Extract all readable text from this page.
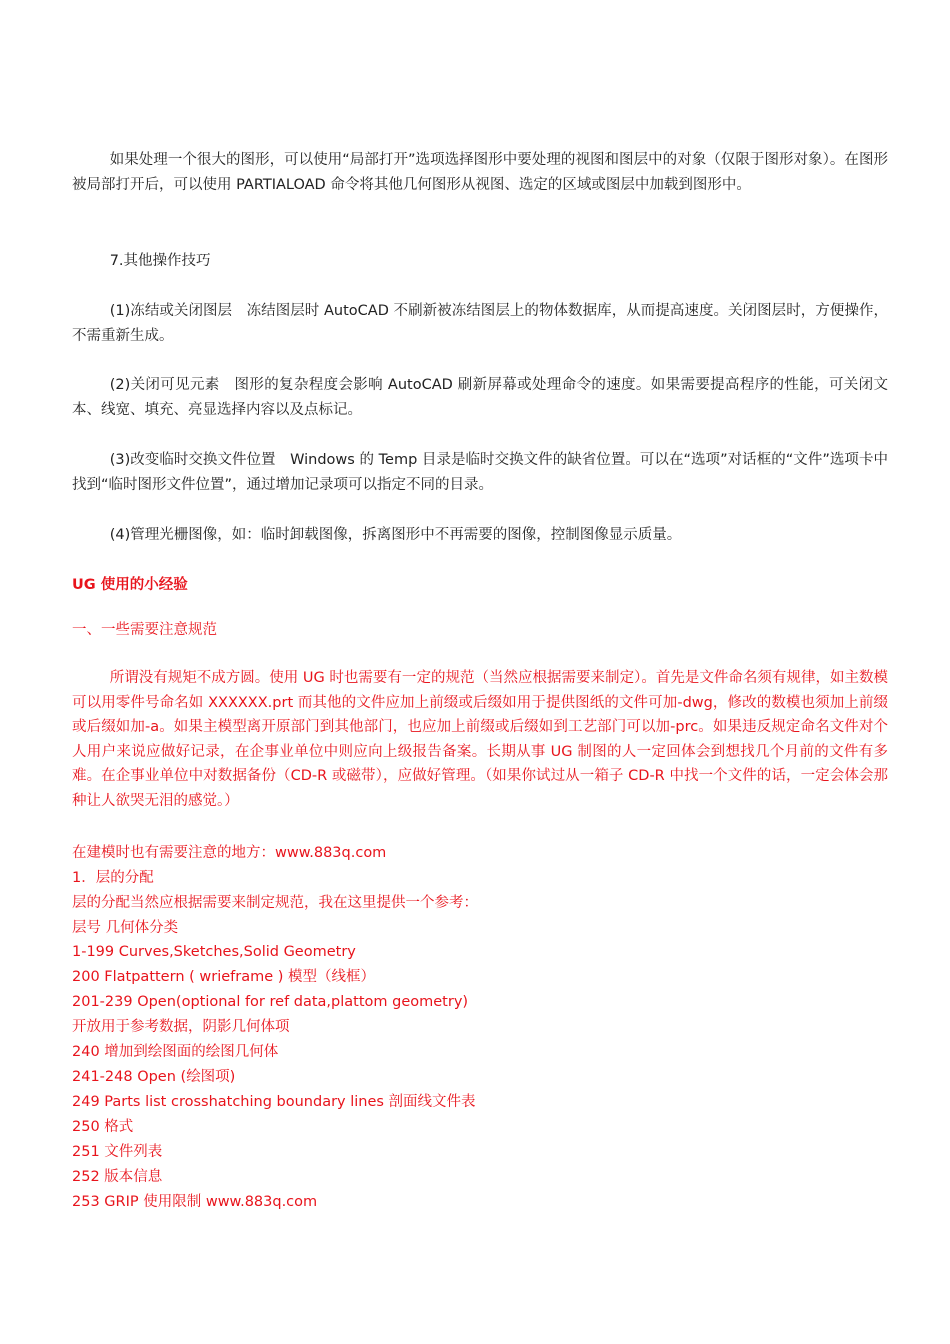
如果处理一个很大的图形，可以使用“局部打开”选项选择图形中要处理的视图和图层中的对象（仅限于图形对象）。在图形被局部打开后，可以使用 PARTIALOAD 命令将其他几何图形从视图、选定的区域或图层中加载到图形中。

7.其他操作技巧

(1)冻结或关闭图层　冻结图层时 AutoCAD 不刷新被冻结图层上的物体数据库，从而提高速度。关闭图层时，方便操作，不需重新生成。

(2)关闭可见元素　图形的复杂程度会影响 AutoCAD 刷新屏幕或处理命令的速度。如果需要提高程序的性能，可关闭文本、线宽、填充、亮显选择内容以及点标记。

(3)改变临时交换文件位置　Windows 的 Temp 目录是临时交换文件的缺省位置。可以在“选项”对话框的“文件”选项卡中找到“临时图形文件位置”，通过增加记录项可以指定不同的目录。

(4)管理光栅图像，如：临时卸载图像，拆离图形中不再需要的图像，控制图像显示质量。

UG 使用的小经验

一、一些需要注意规范

所谓没有规矩不成方圆。使用 UG 时也需要有一定的规范（当然应根据需要来制定）。首先是文件命名须有规律，如主数模可以用零件号命名如 XXXXXX.prt 而其他的文件应加上前缀或后缀如用于提供图纸的文件可加-dwg，修改的数模也须加上前缀或后缀如加-a。如果主模型离开原部门到其他部门，也应加上前缀或后缀如到工艺部门可以加-prc。如果违反规定命名文件对个人用户来说应做好记录，在企事业单位中则应向上级报告备案。长期从事 UG 制图的人一定回体会到想找几个月前的文件有多难。在企事业单位中对数据备份（CD-R 或磁带），应做好管理。（如果你试过从一箱子 CD-R 中找一个文件的话，一定会体会那种让人欲哭无泪的感觉。）

在建模时也有需要注意的地方：www.883q.com

1．层的分配

层的分配当然应根据需要来制定规范，我在这里提供一个参考：

层号 几何体分类

1-199 Curves,Sketches,Solid Geometry

200 Flatpattern ( wrieframe ) 模型（线框）

201-239 Open(optional for ref data,plattom geometry)

开放用于参考数据，阴影几何体项

240 增加到绘图面的绘图几何体

241-248 Open (绘图项)

249 Parts list crosshatching boundary lines 剖面线文件表

250 格式

251 文件列表

252 版本信息

253 GRIP 使用限制 www.883q.com
